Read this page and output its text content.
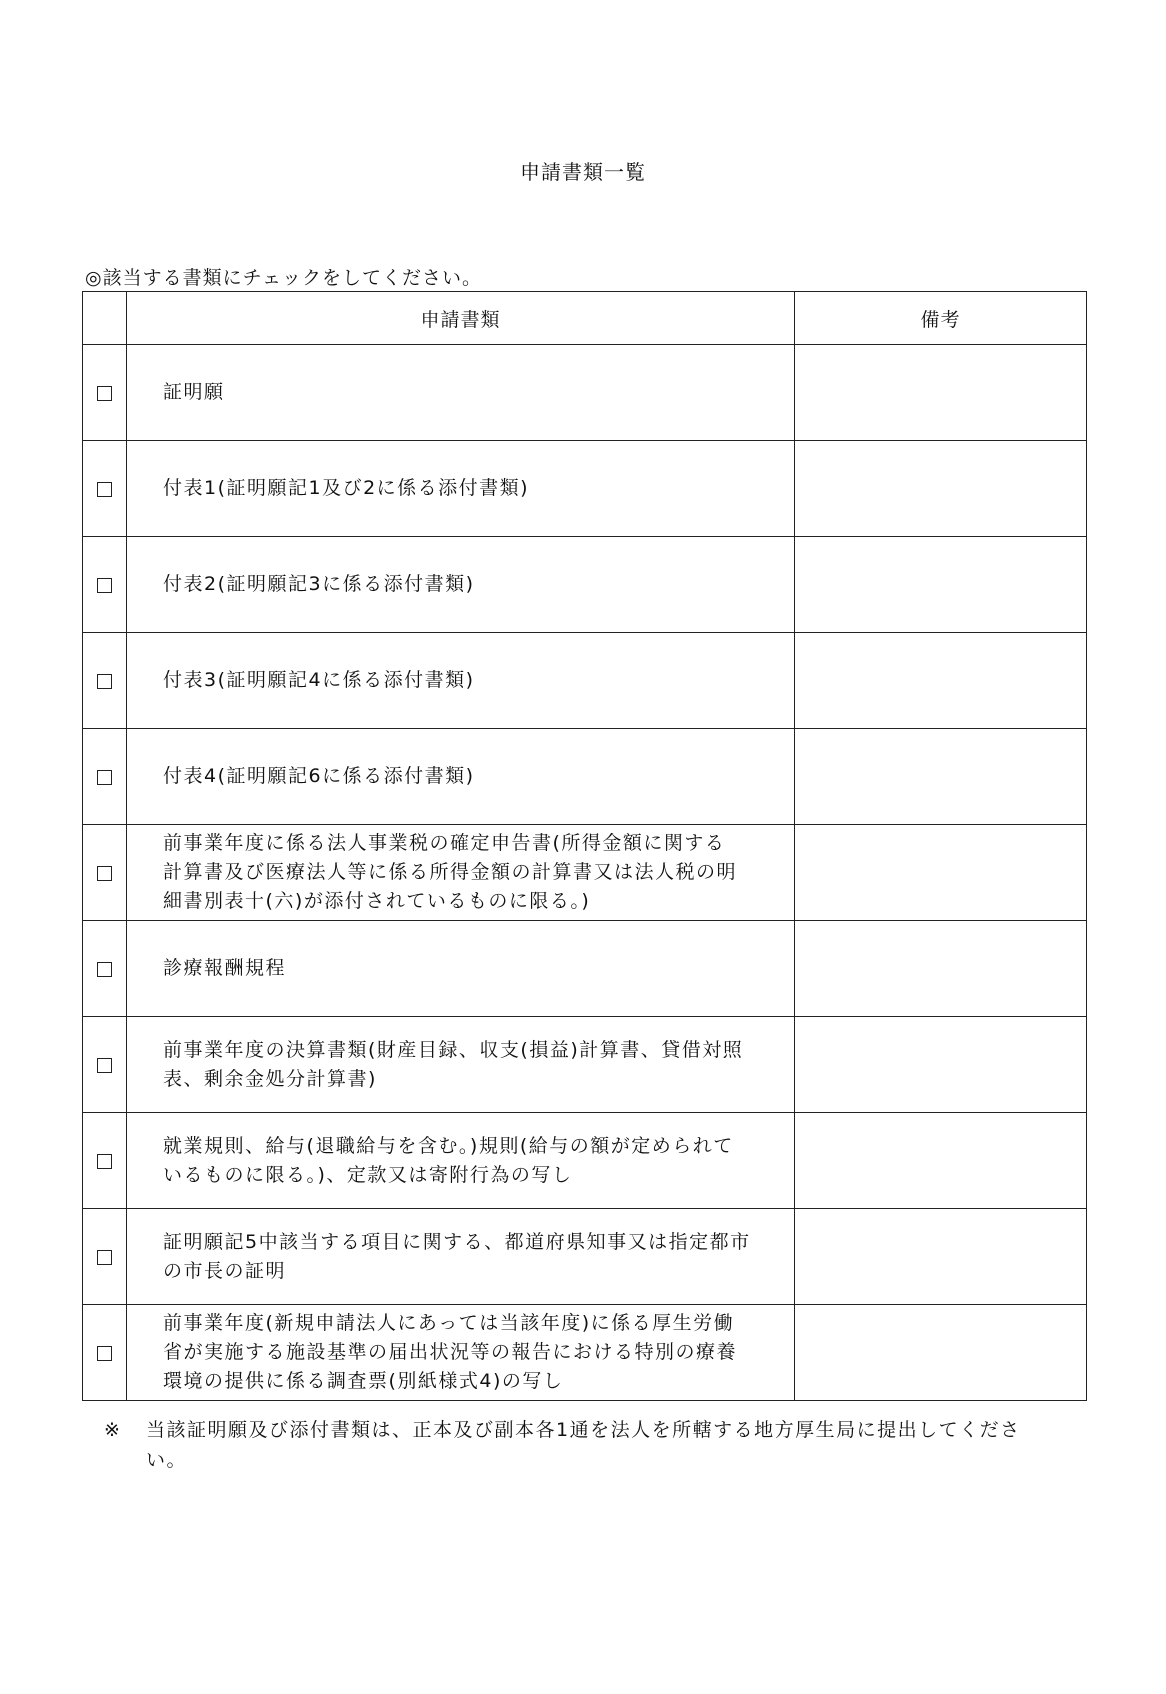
申請書類一覧
◎該当する書類にチェックをしてください。
	申請書類	備考
	証明願	
	付表1(証明願記1及び2に係る添付書類)	
	付表2(証明願記3に係る添付書類)	
	付表3(証明願記4に係る添付書類)	
	付表4(証明願記6に係る添付書類)	
	前事業年度に係る法人事業税の確定申告書(所得金額に関する
計算書及び医療法人等に係る所得金額の計算書又は法人税の明
細書別表十(六)が添付されているものに限る。)	
	診療報酬規程	
	前事業年度の決算書類(財産目録、収支(損益)計算書、貸借対照
表、剰余金処分計算書)	
	就業規則、給与(退職給与を含む。)規則(給与の額が定められて
いるものに限る。)、定款又は寄附行為の写し	
	証明願記5中該当する項目に関する、都道府県知事又は指定都市
の市長の証明	
	前事業年度(新規申請法人にあっては当該年度)に係る厚生労働
省が実施する施設基準の届出状況等の報告における特別の療養
環境の提供に係る調査票(別紙様式4)の写し	
※	当該証明願及び添付書類は、正本及び副本各1通を法人を所轄する地方厚生局に提出してくださ
い。
